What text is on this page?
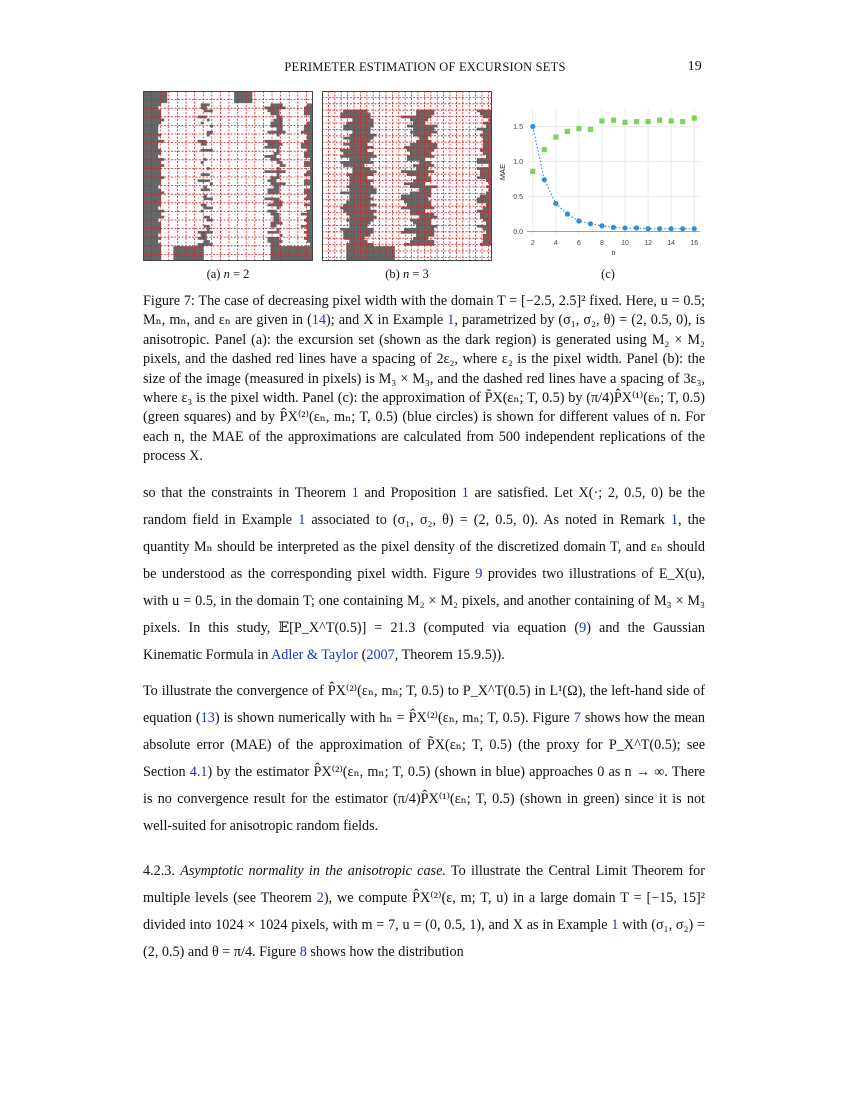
PERIMETER ESTIMATION OF EXCURSION SETS	19
2	4	6	8 10 12 14 16
0.0
0.5
1.0
1.5
n
MAE
(a) n = 2	(b) n = 3	(c)
Figure 7: The case of decreasing pixel width with the domain T = [−2.5, 2.5]² fixed. Here, u = 0.5; Mₙ, mₙ, and εₙ are given in (14); and X in Example 1, parametrized by (σ₁, σ₂, θ) = (2, 0.5, 0), is anisotropic. Panel (a): the excursion set (shown as the dark region) is generated using M₂ × M₂ pixels, and the dashed red lines have a spacing of 2ε₂, where ε₂ is the pixel width. Panel (b): the size of the image (measured in pixels) is M₃ × M₃, and the dashed red lines have a spacing of 3ε₃, where ε₃ is the pixel width. Panel (c): the approximation of P̃X(εₙ; T, 0.5) by (π/4)P̂X⁽¹⁾(εₙ; T, 0.5) (green squares) and by P̂X⁽²⁾(εₙ, mₙ; T, 0.5) (blue circles) is shown for different values of n. For each n, the MAE of the approximations are calculated from 500 independent replications of the process X.
so that the constraints in Theorem 1 and Proposition 1 are satisfied. Let X(·; 2, 0.5, 0) be the random field in Example 1 associated to (σ₁, σ₂, θ) = (2, 0.5, 0). As noted in Remark 1, the quantity Mₙ should be interpreted as the pixel density of the discretized domain T, and εₙ should be understood as the corresponding pixel width. Figure 9 provides two illustrations of E_X(u), with u = 0.5, in the domain T; one containing M₂ × M₂ pixels, and another containing of M₃ × M₃ pixels. In this study, 𝔼[P_X^T(0.5)] = 21.3 (computed via equation (9) and the Gaussian Kinematic Formula in Adler & Taylor (2007, Theorem 15.9.5)).
To illustrate the convergence of P̂X⁽²⁾(εₙ, mₙ; T, 0.5) to P_X^T(0.5) in L¹(Ω), the left-hand side of equation (13) is shown numerically with hₙ = P̂X⁽²⁾(εₙ, mₙ; T, 0.5). Figure 7 shows how the mean absolute error (MAE) of the approximation of P̃X(εₙ; T, 0.5) (the proxy for P_X^T(0.5); see Section 4.1) by the estimator P̂X⁽²⁾(εₙ, mₙ; T, 0.5) (shown in blue) approaches 0 as n → ∞. There is no convergence result for the estimator (π/4)P̂X⁽¹⁾(εₙ; T, 0.5) (shown in green) since it is not well-suited for anisotropic random fields.
4.2.3. Asymptotic normality in the anisotropic case. To illustrate the Central Limit Theorem for multiple levels (see Theorem 2), we compute P̂X⁽²⁾(ε, m; T, u) in a large domain T = [−15, 15]² divided into 1024 × 1024 pixels, with m = 7, u = (0, 0.5, 1), and X as in Example 1 with (σ₁, σ₂) = (2, 0.5) and θ = π/4. Figure 8 shows how the distribution
